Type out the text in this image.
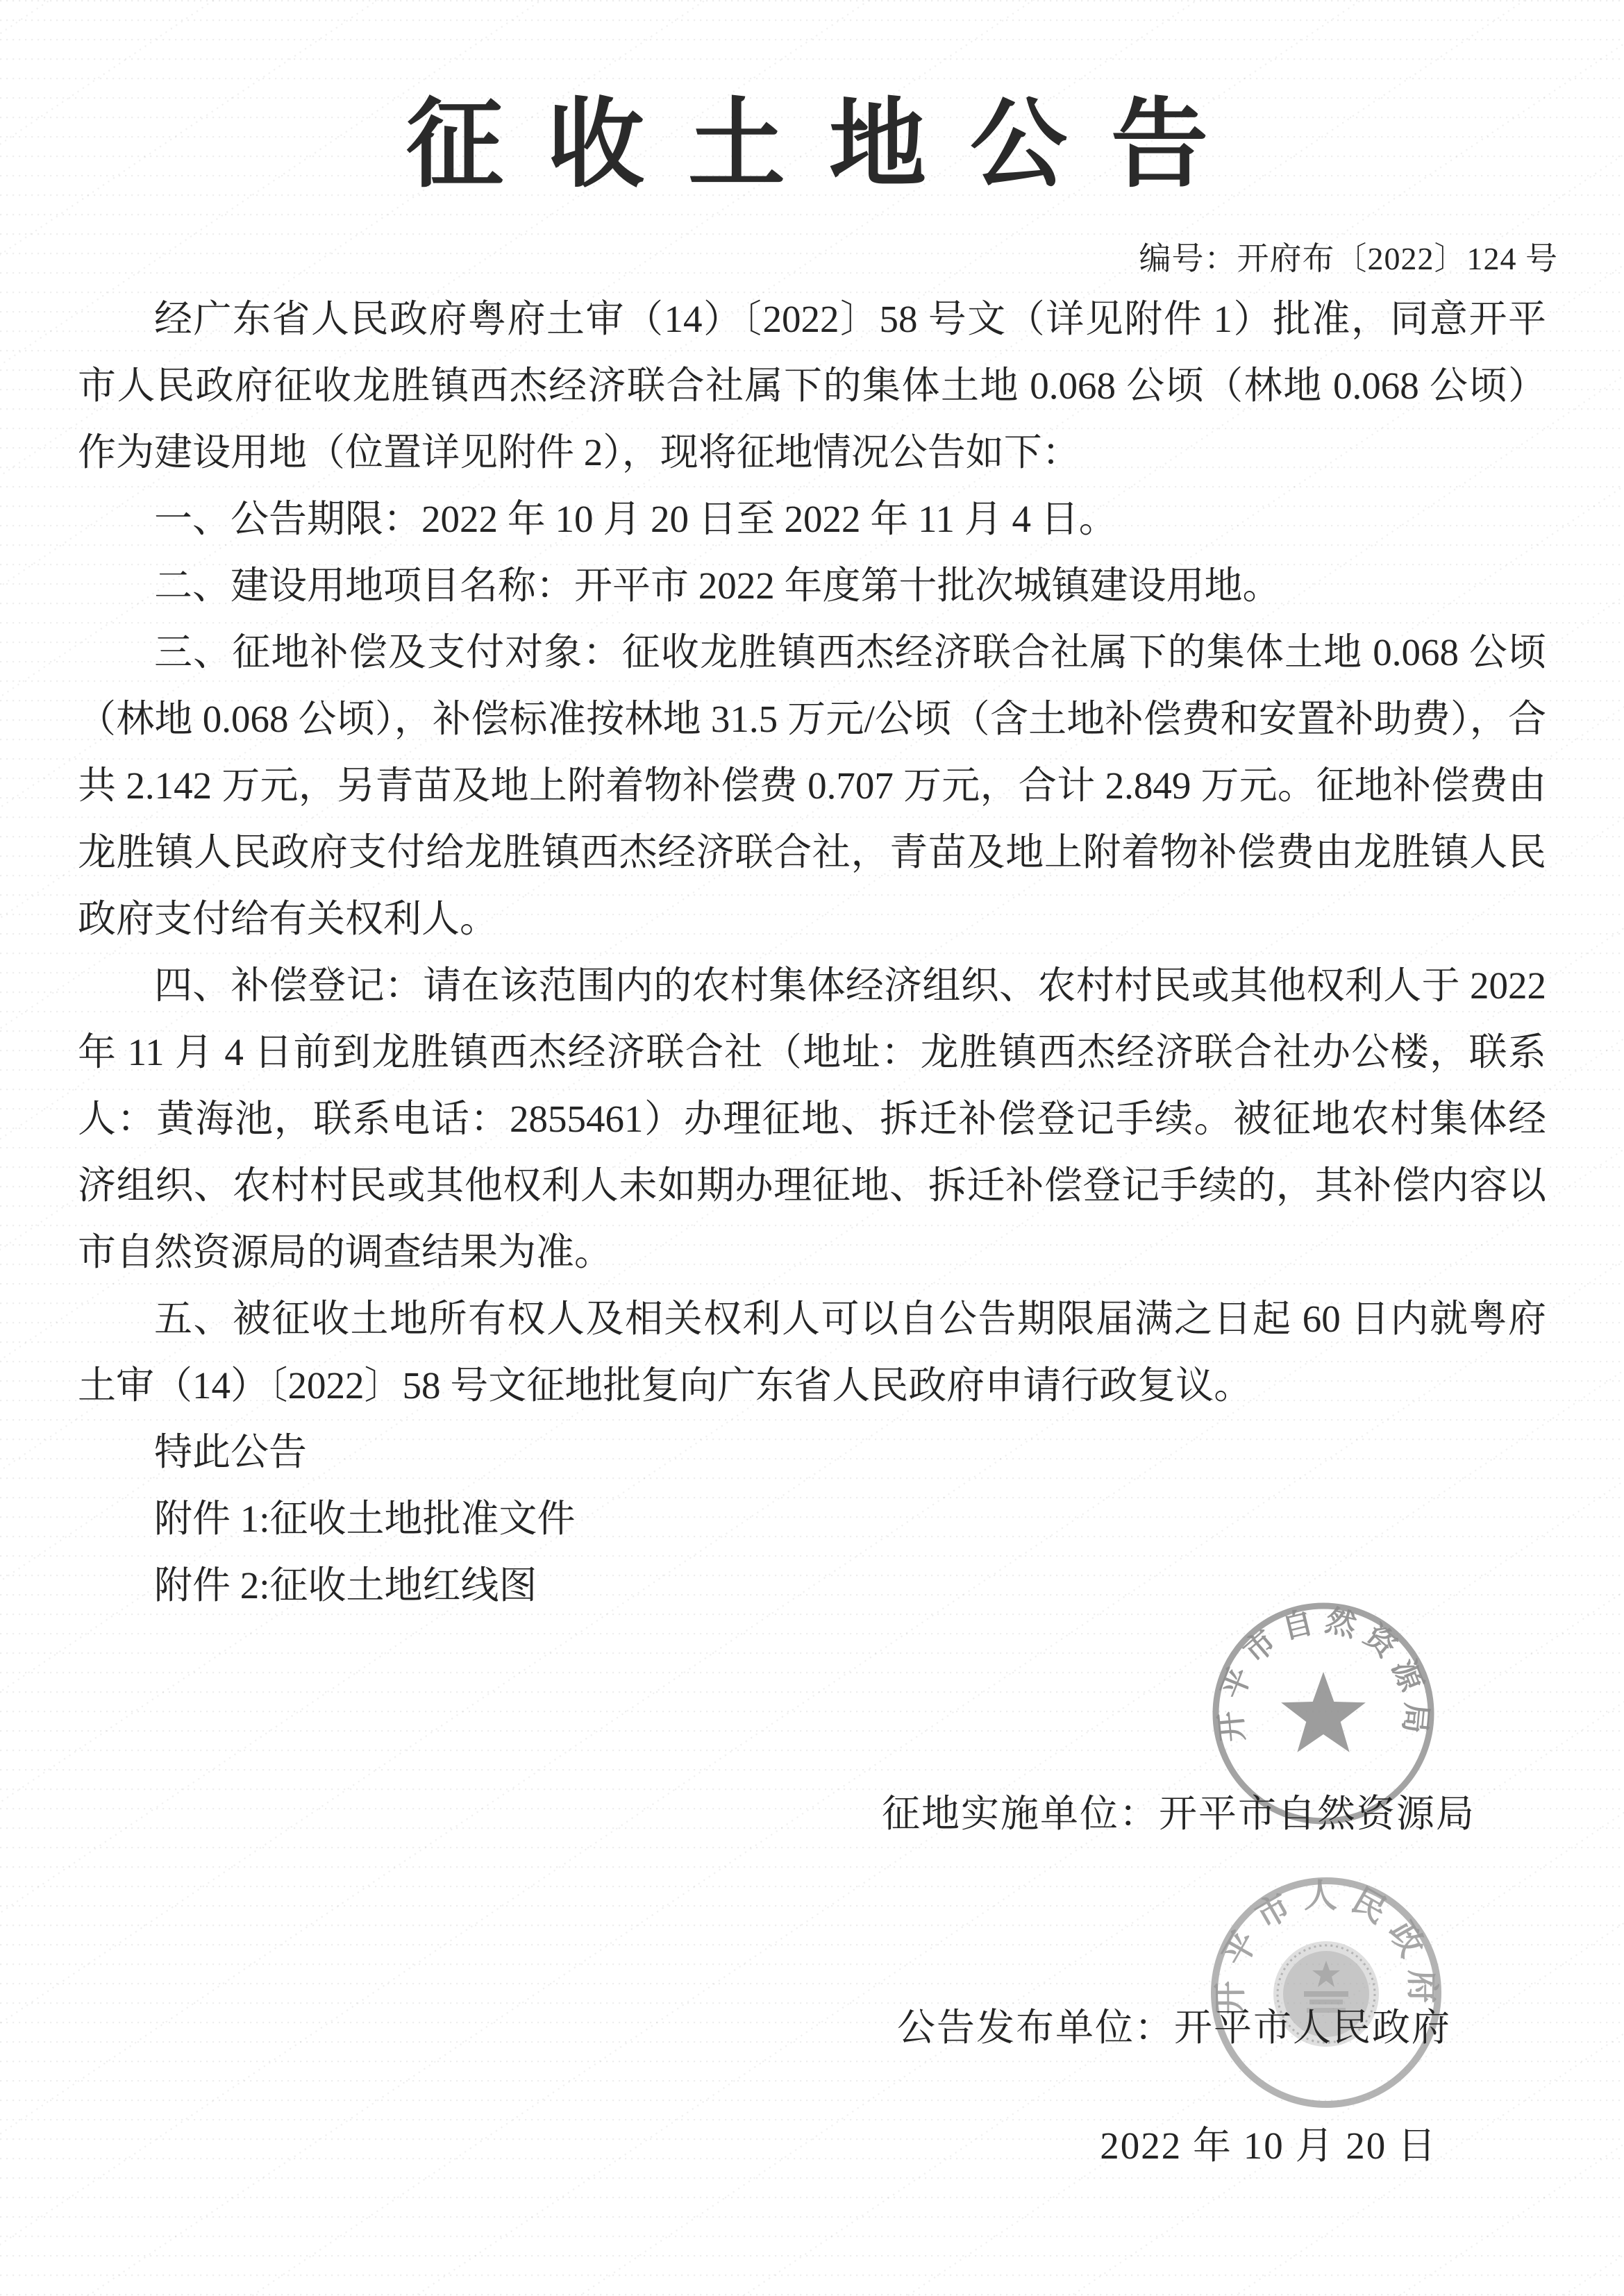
征 收 土 地 公 告
编号：开府布〔2022〕124 号

经广东省人民政府粤府土审（14）〔2022〕58 号文（详见附件 1）批准，同意开平市人民政府征收龙胜镇西杰经济联合社属下的集体土地 0.068 公顷（林地 0.068 公顷）作为建设用地（位置详见附件 2），现将征地情况公告如下：

一、公告期限：2022 年 10 月 20 日至 2022 年 11 月 4 日。

二、建设用地项目名称：开平市 2022 年度第十批次城镇建设用地。

三、征地补偿及支付对象：征收龙胜镇西杰经济联合社属下的集体土地 0.068 公顷（林地 0.068 公顷），补偿标准按林地 31.5 万元/公顷（含土地补偿费和安置补助费），合共 2.142 万元，另青苗及地上附着物补偿费 0.707 万元，合计 2.849 万元。征地补偿费由龙胜镇人民政府支付给龙胜镇西杰经济联合社，青苗及地上附着物补偿费由龙胜镇人民政府支付给有关权利人。

四、补偿登记：请在该范围内的农村集体经济组织、农村村民或其他权利人于 2022 年 11 月 4 日前到龙胜镇西杰经济联合社（地址：龙胜镇西杰经济联合社办公楼，联系人：黄海池，联系电话：2855461）办理征地、拆迁补偿登记手续。被征地农村集体经济组织、农村村民或其他权利人未如期办理征地、拆迁补偿登记手续的，其补偿内容以市自然资源局的调查结果为准。

五、被征收土地所有权人及相关权利人可以自公告期限届满之日起 60 日内就粤府土审（14）〔2022〕58 号文征地批复向广东省人民政府申请行政复议。

特此公告

附件 1:征收土地批准文件

附件 2:征收土地红线图

开平市自然资源局
征地实施单位：开平市自然资源局
开平市人民政府
公告发布单位：开平市人民政府
2022 年 10 月 20 日
